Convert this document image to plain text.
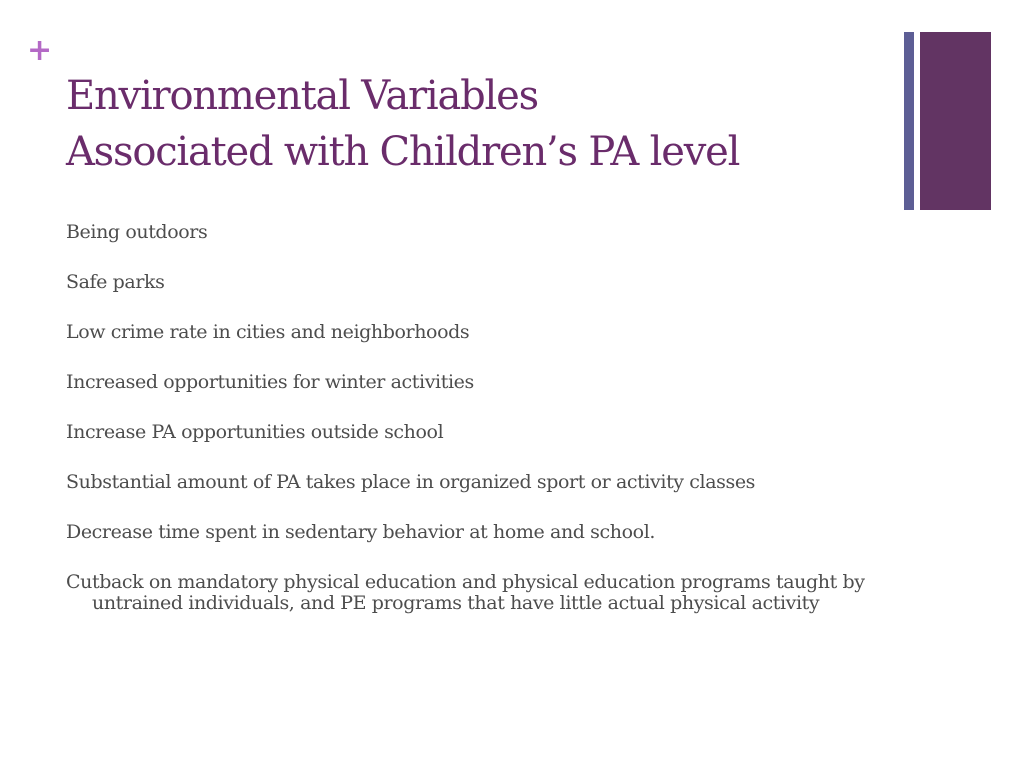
+
Environmental Variables
Associated with Children’s PA level
Being outdoors
Safe parks
Low crime rate in cities and neighborhoods
Increased opportunities for winter activities
Increase PA opportunities outside school
Substantial amount of PA takes place in organized sport or activity classes
Decrease time spent in sedentary behavior at home and school.
Cutback on mandatory physical education and physical education programs taught by untrained individuals, and PE programs that have little actual physical activity
